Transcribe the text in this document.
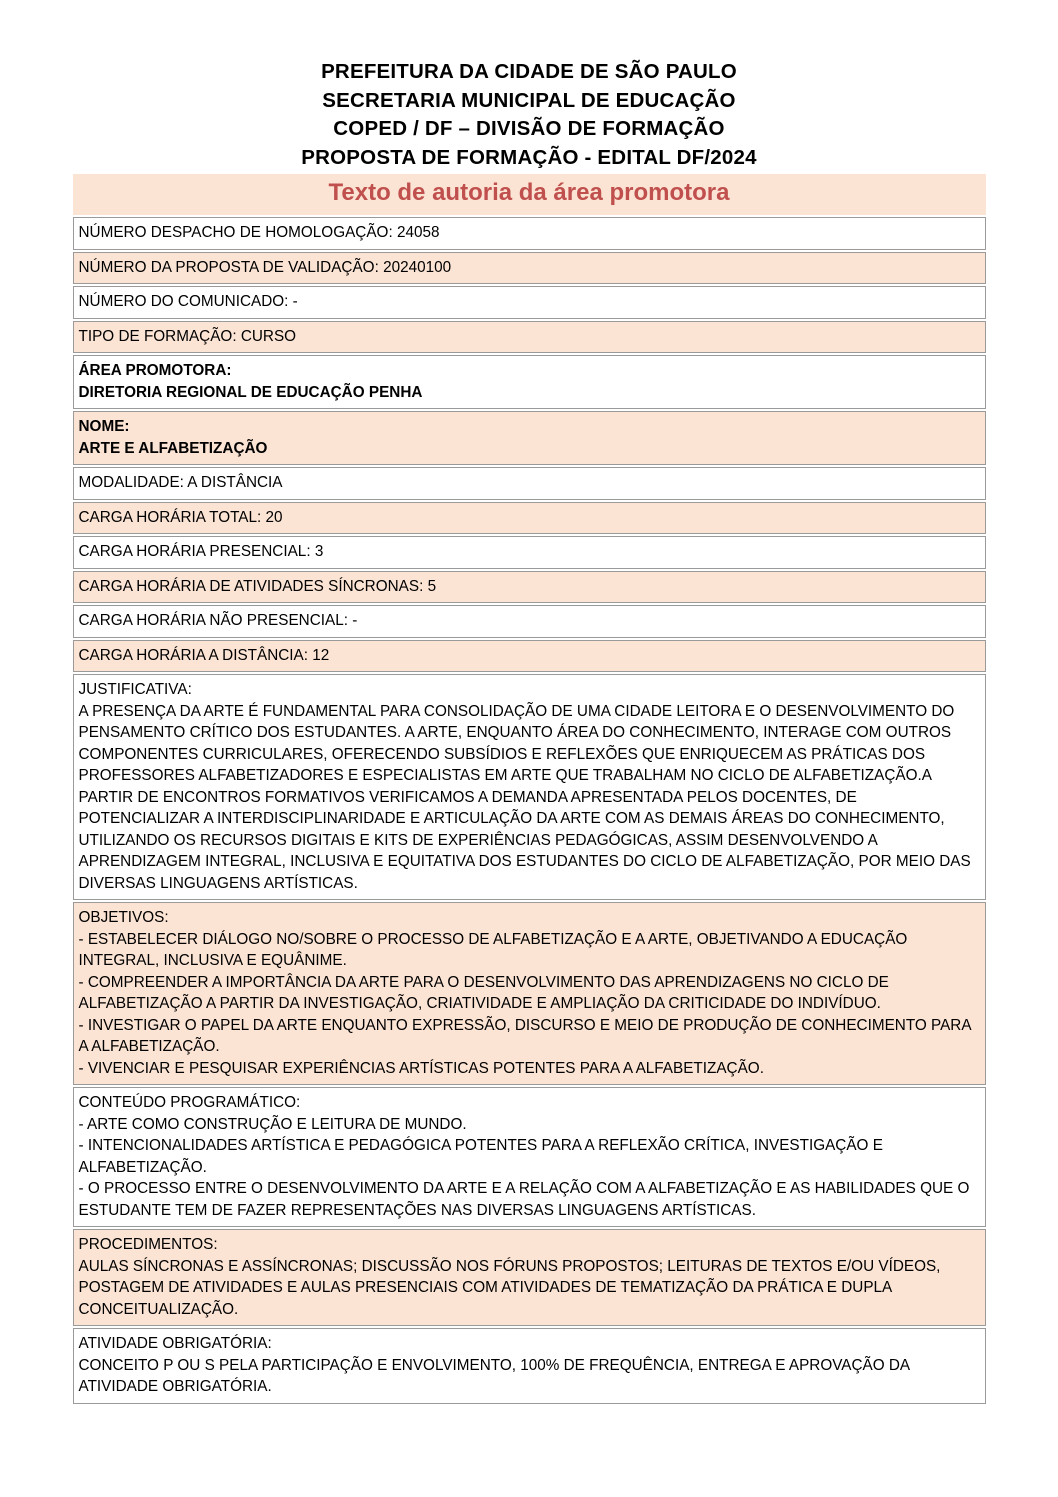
PREFEITURA DA CIDADE DE SÃO PAULO
SECRETARIA MUNICIPAL DE EDUCAÇÃO
COPED / DF – DIVISÃO DE FORMAÇÃO
PROPOSTA DE FORMAÇÃO - EDITAL DF/2024
Texto de autoria da área promotora
NÚMERO DESPACHO DE HOMOLOGAÇÃO: 24058

NÚMERO DA PROPOSTA DE VALIDAÇÃO: 20240100

NÚMERO DO COMUNICADO: -

TIPO DE FORMAÇÃO: CURSO

ÁREA PROMOTORA:
DIRETORIA REGIONAL DE EDUCAÇÃO PENHA

NOME:
ARTE E ALFABETIZAÇÃO

MODALIDADE: A DISTÂNCIA

CARGA HORÁRIA TOTAL: 20

CARGA HORÁRIA PRESENCIAL: 3

CARGA HORÁRIA DE ATIVIDADES SÍNCRONAS: 5

CARGA HORÁRIA NÃO PRESENCIAL: -

CARGA HORÁRIA A DISTÂNCIA: 12

JUSTIFICATIVA:
A PRESENÇA DA ARTE É FUNDAMENTAL PARA CONSOLIDAÇÃO DE UMA CIDADE LEITORA E O DESENVOLVIMENTO DO PENSAMENTO CRÍTICO DOS ESTUDANTES. A ARTE, ENQUANTO ÁREA DO CONHECIMENTO, INTERAGE COM OUTROS COMPONENTES CURRICULARES, OFERECENDO SUBSÍDIOS E REFLEXÕES QUE ENRIQUECEM AS PRÁTICAS DOS PROFESSORES ALFABETIZADORES E ESPECIALISTAS EM ARTE QUE TRABALHAM NO CICLO DE ALFABETIZAÇÃO.A PARTIR DE ENCONTROS FORMATIVOS VERIFICAMOS A DEMANDA APRESENTADA PELOS DOCENTES, DE POTENCIALIZAR A INTERDISCIPLINARIDADE E ARTICULAÇÃO DA ARTE COM AS DEMAIS ÁREAS DO CONHECIMENTO, UTILIZANDO OS RECURSOS DIGITAIS E KITS DE EXPERIÊNCIAS PEDAGÓGICAS, ASSIM DESENVOLVENDO A APRENDIZAGEM INTEGRAL, INCLUSIVA E EQUITATIVA DOS ESTUDANTES DO CICLO DE ALFABETIZAÇÃO, POR MEIO DAS DIVERSAS LINGUAGENS ARTÍSTICAS.

OBJETIVOS:
- ESTABELECER DIÁLOGO NO/SOBRE O PROCESSO DE ALFABETIZAÇÃO E A ARTE, OBJETIVANDO A EDUCAÇÃO INTEGRAL, INCLUSIVA E EQUÂNIME.
- COMPREENDER A IMPORTÂNCIA DA ARTE PARA O DESENVOLVIMENTO DAS APRENDIZAGENS NO CICLO DE ALFABETIZAÇÃO A PARTIR DA INVESTIGAÇÃO, CRIATIVIDADE E AMPLIAÇÃO DA CRITICIDADE DO INDIVÍDUO.
- INVESTIGAR O PAPEL DA ARTE ENQUANTO EXPRESSÃO, DISCURSO E MEIO DE PRODUÇÃO DE CONHECIMENTO PARA A ALFABETIZAÇÃO.
- VIVENCIAR E PESQUISAR EXPERIÊNCIAS ARTÍSTICAS POTENTES PARA A ALFABETIZAÇÃO.

CONTEÚDO PROGRAMÁTICO:
- ARTE COMO CONSTRUÇÃO E LEITURA DE MUNDO.
- INTENCIONALIDADES ARTÍSTICA E PEDAGÓGICA POTENTES PARA A REFLEXÃO CRÍTICA, INVESTIGAÇÃO E ALFABETIZAÇÃO.
- O PROCESSO ENTRE O DESENVOLVIMENTO DA ARTE E A RELAÇÃO COM A ALFABETIZAÇÃO E AS HABILIDADES QUE O ESTUDANTE TEM DE FAZER REPRESENTAÇÕES NAS DIVERSAS LINGUAGENS ARTÍSTICAS.

PROCEDIMENTOS:
AULAS SÍNCRONAS E ASSÍNCRONAS; DISCUSSÃO NOS FÓRUNS PROPOSTOS; LEITURAS DE TEXTOS E/OU VÍDEOS, POSTAGEM DE ATIVIDADES E AULAS PRESENCIAIS COM ATIVIDADES DE TEMATIZAÇÃO DA PRÁTICA E DUPLA CONCEITUALIZAÇÃO.

ATIVIDADE OBRIGATÓRIA:
CONCEITO P OU S PELA PARTICIPAÇÃO E ENVOLVIMENTO, 100% DE FREQUÊNCIA, ENTREGA E APROVAÇÃO DA ATIVIDADE OBRIGATÓRIA.
